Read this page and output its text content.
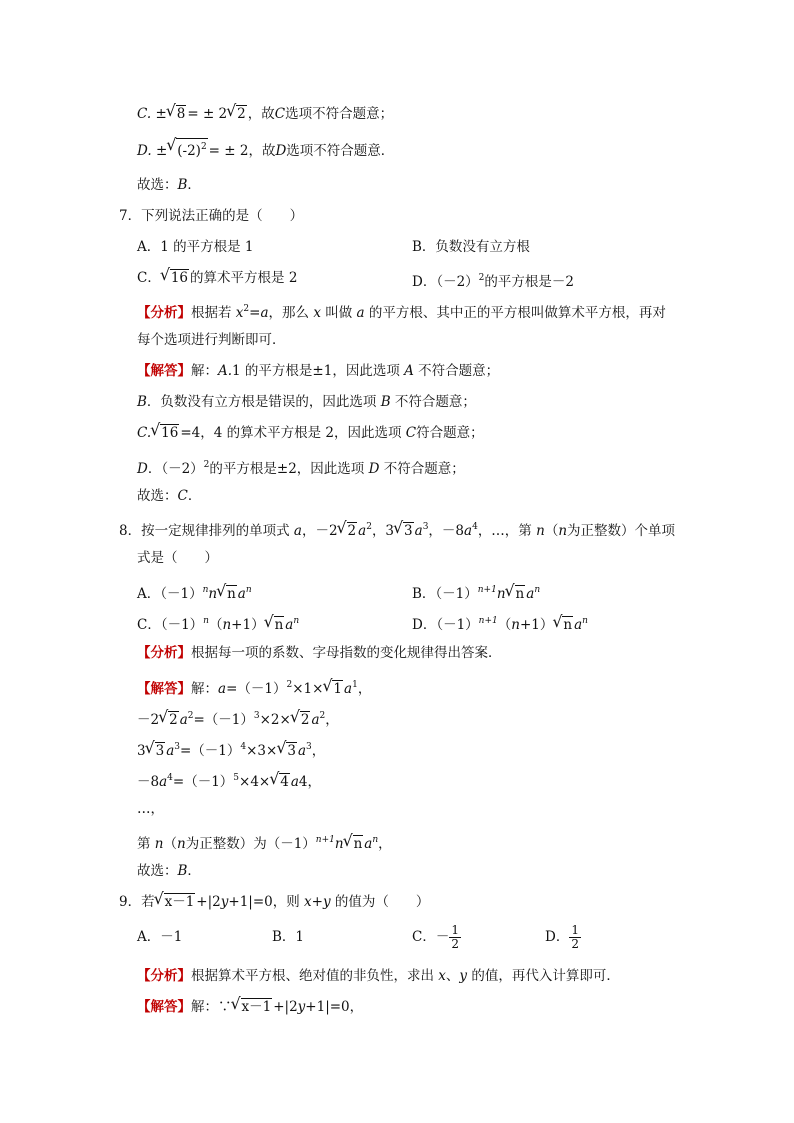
C. ±√ 8 = ± 2√ 2 ，故C选项不符合题意；
D. ±√ $(-2)^2$ = ± 2，故D选项不符合题意．
故选：B．
7．下列说法正确的是（　　）
A．1 的平方根是 1	B．负数没有立方根
C．√ 16 的算术平方根是 2	D．$(-2)^2$的平方根是－2
【分析】根据若 $x^2=a$，那么 x 叫做 a 的平方根、其中正的平方根叫做算术平方根，再对
每个选项进行判断即可．
【解答】解：A.1 的平方根是±1，因此选项 A 不符合题意；
B．负数没有立方根是错误的，因此选项 B 不符合题意；
C.√ 16 =4，4 的算术平方根是 2，因此选项 C符合题意；
D．$(-2)^2$的平方根是±2，因此选项 D 不符合题意；
故选：C．
8．按一定规律排列的单项式 a，－2√ 2 $a^2$，3√ 3 $a^3$，$-8a^4$，…，第 n（n为正整数）个单项
式是（　　）
A．$(-1)^nn√$ n $a^n$	B．$(-1)^{n+1}n√$ n $a^n$
C．$(-1)^n(n+1)√$ n $a^n$	D．$(-1)^{n+1}(n+1)√$ n $a^n$
【分析】根据每一项的系数、字母指数的变化规律得出答案．
【解答】解：$a=(-1)^2\times 1\times√$ 1 $a^1$，
－2√ 2 $a^2=(-1)^3\times 2\times√$ 2 $a^2$，
3√ 3 $a^3=(-1)^4\times 3\times√$ 3 $a^3$，
$-8a^4=(-1)^5\times 4\times√$ 4 a4，
…，
第 n（n为正整数）为$(-1)^{n+1}n√$ n $a^n$，
故选：B．
9．若√ x－1 +|2y+1|=0，则 x+y 的值为（　　）
A．－1	B．1	C．－ $\frac{1}{2}$	D． $\frac{1}{2}$
【分析】根据算术平方根、绝对值的非负性，求出 x、y 的值，再代入计算即可．
【解答】解：∵√ x－1 +|2y+1|=0，
